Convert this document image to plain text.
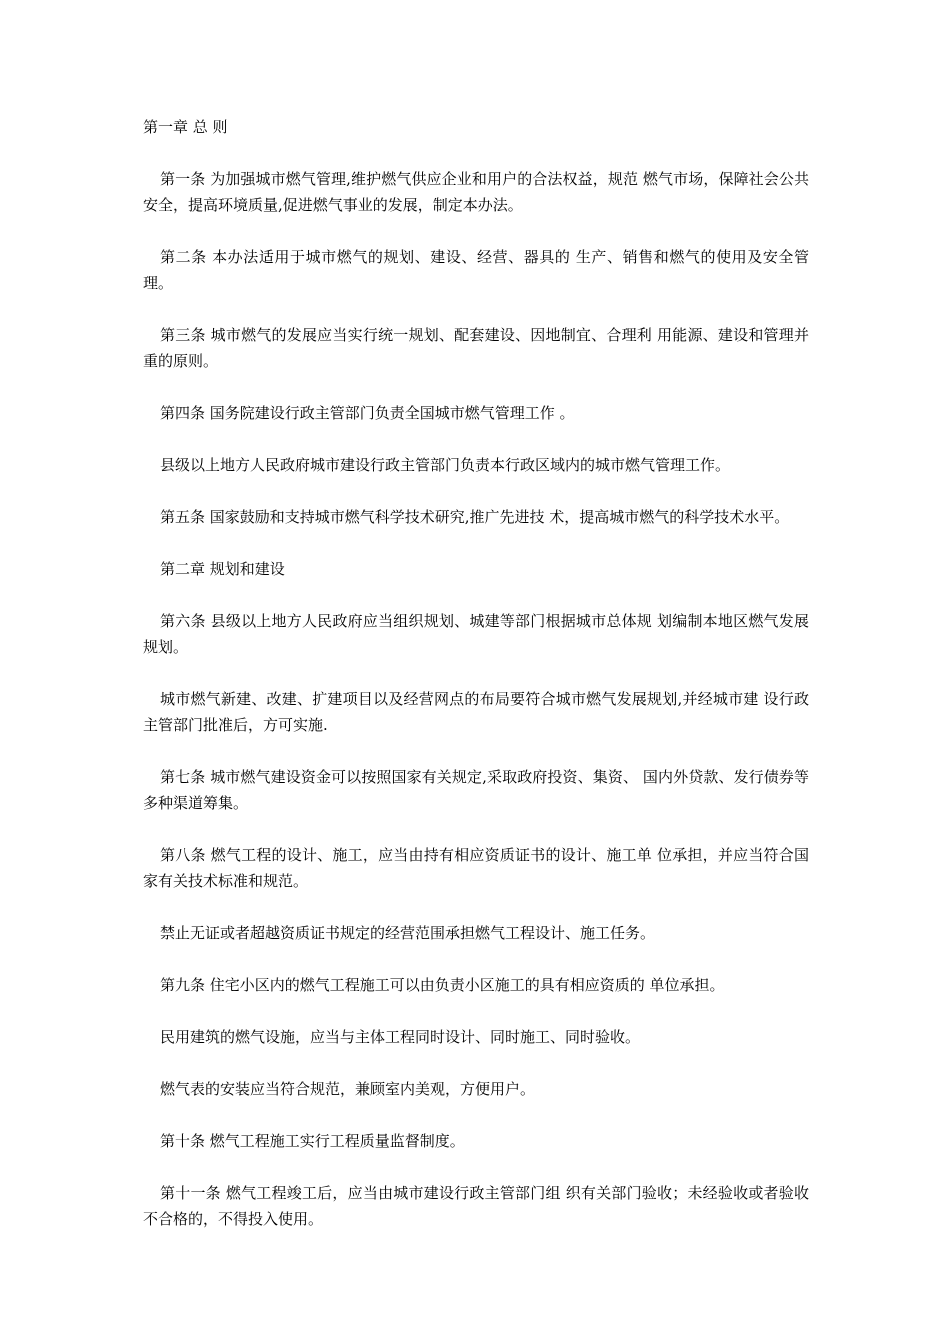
第一章 总 则

第一条 为加强城市燃气管理,维护燃气供应企业和用户的合法权益，规范 燃气市场，保障社会公共安全，提高环境质量,促进燃气事业的发展，制定本办法。

第二条 本办法适用于城市燃气的规划、建设、经营、器具的 生产、销售和燃气的使用及安全管理。

第三条 城市燃气的发展应当实行统一规划、配套建设、因地制宜、合理利 用能源、建设和管理并重的原则。

第四条 国务院建设行政主管部门负责全国城市燃气管理工作 。

县级以上地方人民政府城市建设行政主管部门负责本行政区域内的城市燃气管理工作。

第五条 国家鼓励和支持城市燃气科学技术研究,推广先进技 术，提高城市燃气的科学技术水平。

第二章 规划和建设

第六条 县级以上地方人民政府应当组织规划、城建等部门根据城市总体规 划编制本地区燃气发展规划。

城市燃气新建、改建、扩建项目以及经营网点的布局要符合城市燃气发展规划,并经城市建 设行政主管部门批准后，方可实施.

第七条 城市燃气建设资金可以按照国家有关规定,采取政府投资、集资、 国内外贷款、发行债券等多种渠道筹集。

第八条 燃气工程的设计、施工，应当由持有相应资质证书的设计、施工单 位承担，并应当符合国家有关技术标准和规范。

禁止无证或者超越资质证书规定的经营范围承担燃气工程设计、施工任务。

第九条 住宅小区内的燃气工程施工可以由负责小区施工的具有相应资质的 单位承担。

民用建筑的燃气设施，应当与主体工程同时设计、同时施工、同时验收。

燃气表的安装应当符合规范，兼顾室内美观，方便用户。

第十条 燃气工程施工实行工程质量监督制度。

第十一条 燃气工程竣工后，应当由城市建设行政主管部门组 织有关部门验收；未经验收或者验收不合格的，不得投入使用。
